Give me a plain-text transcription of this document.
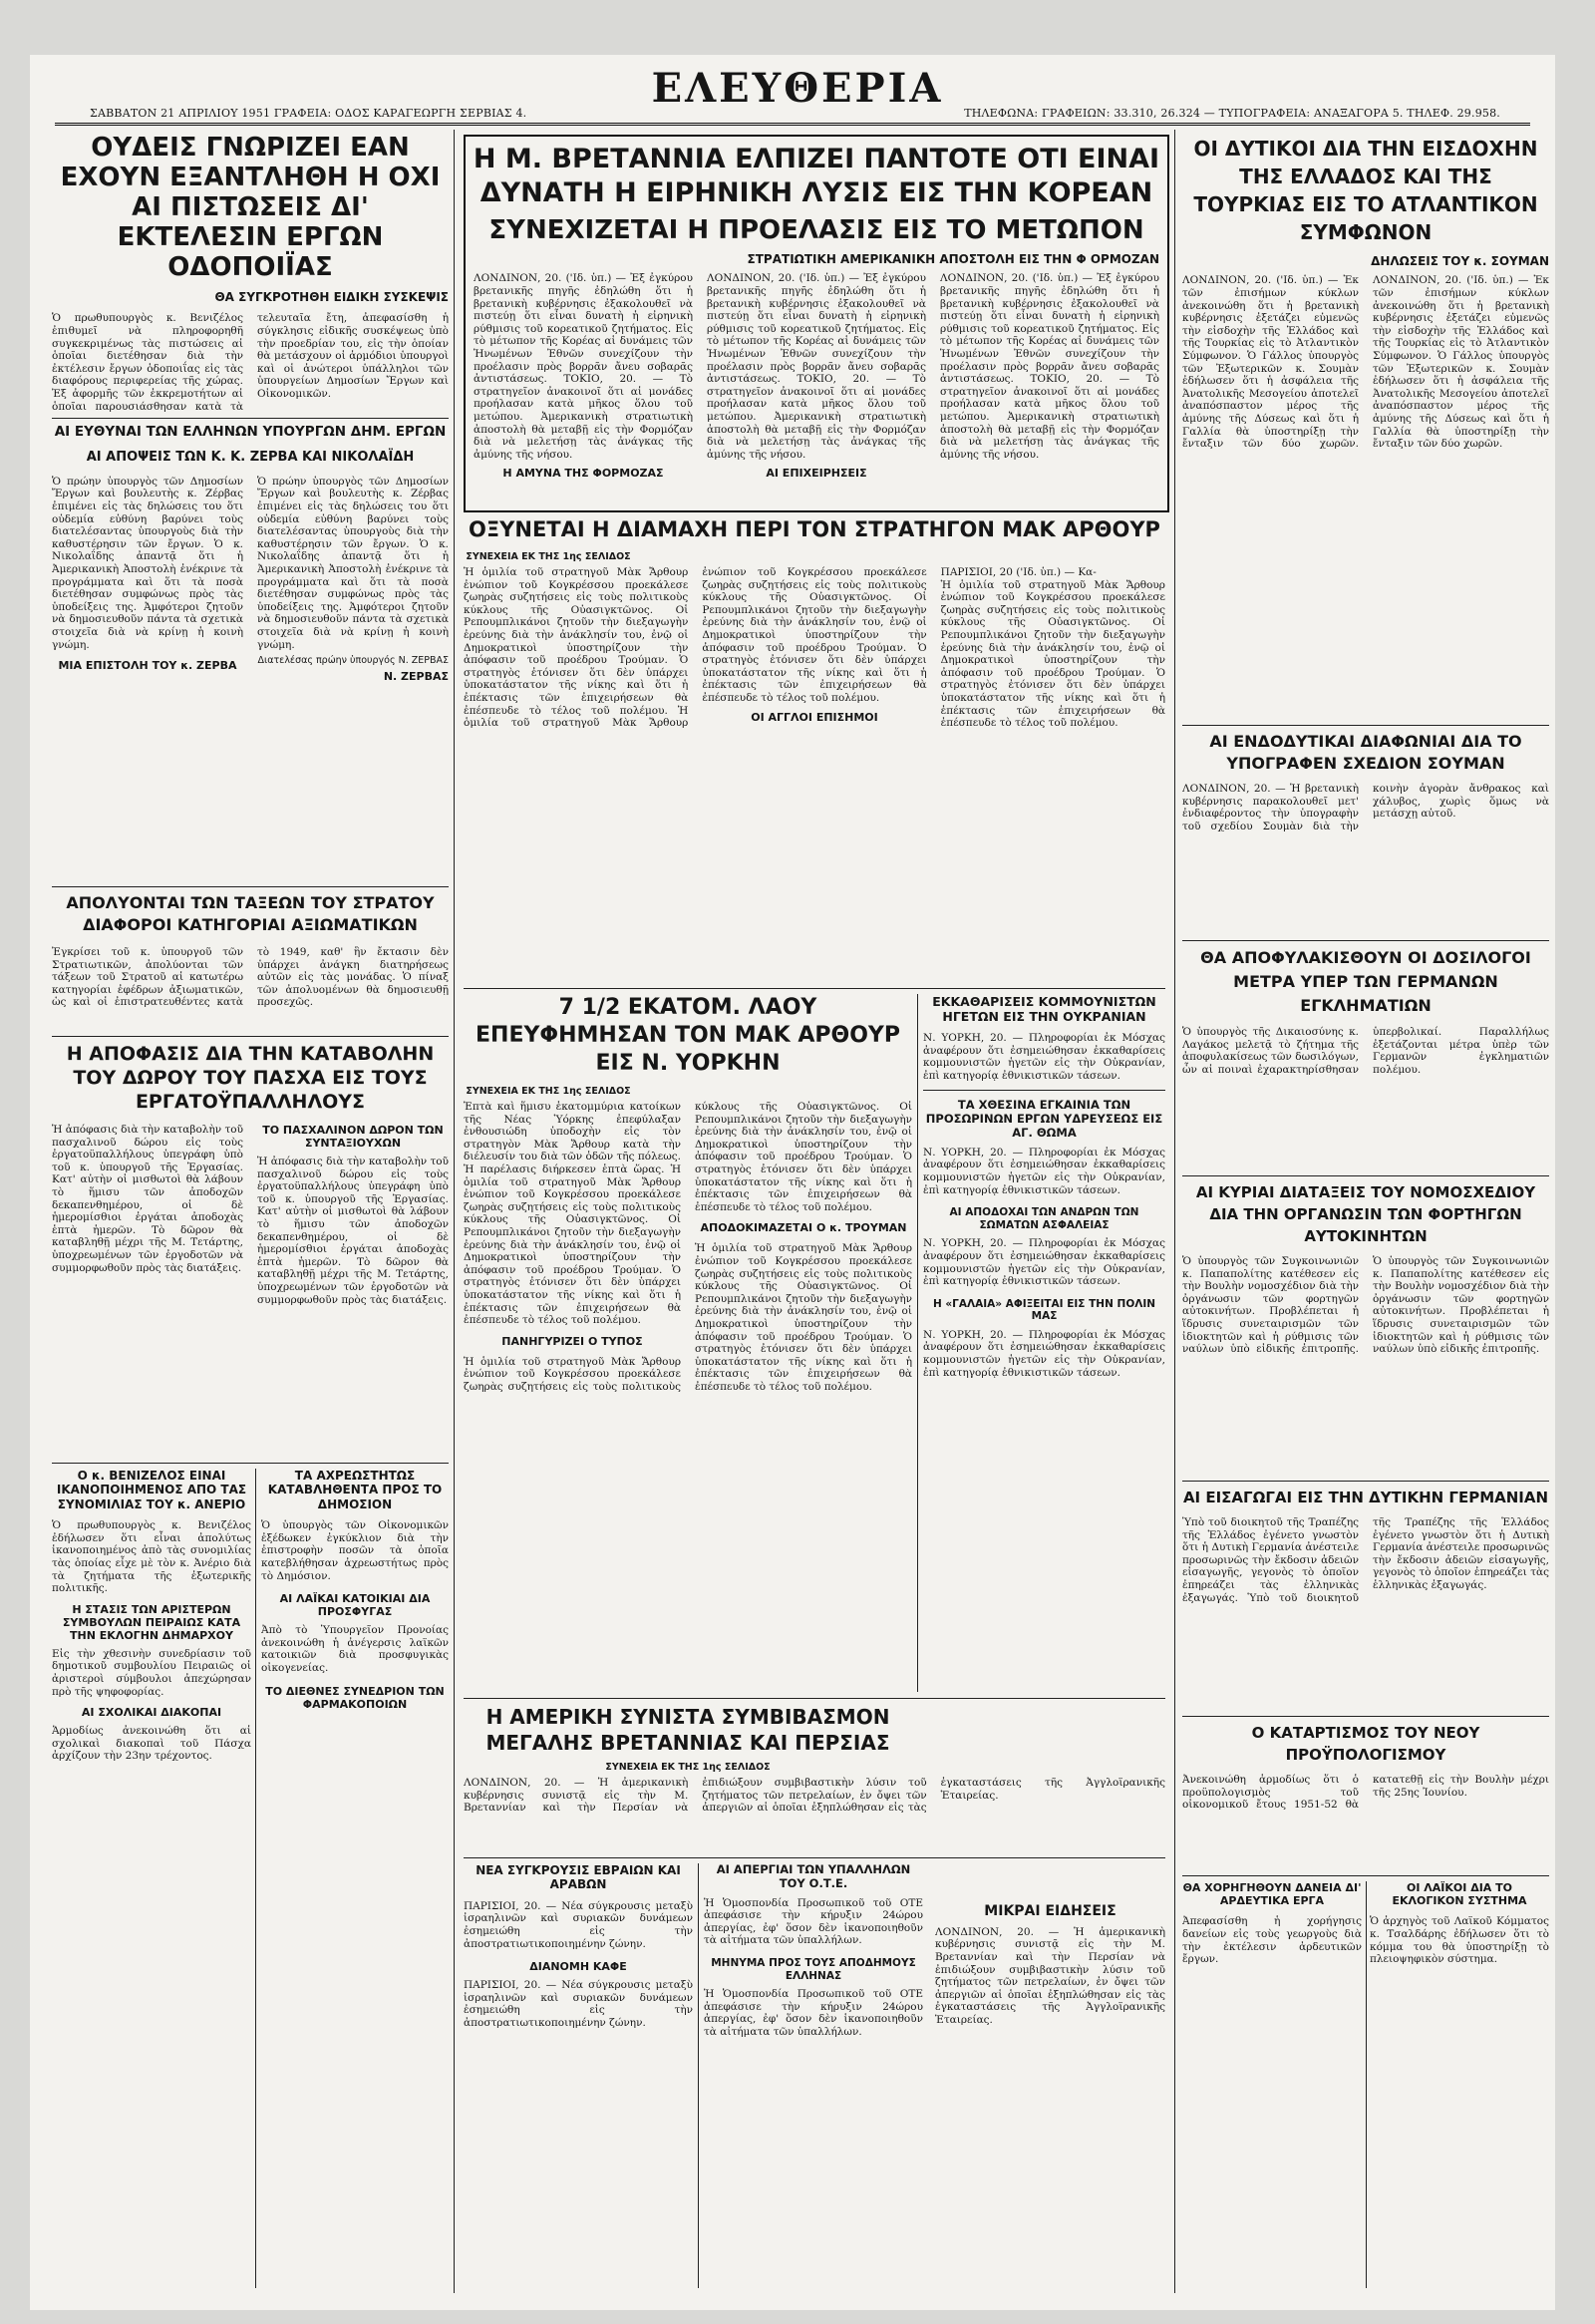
ΣΑΒΒΑΤΟΝ 21 ΑΠΡΙΛΙΟΥ 1951 ΓΡΑΦΕΙΑ: ΟΔΟΣ ΚΑΡΑΓΕΩΡΓΗ ΣΕΡΒΙΑΣ 4.
ΕΛΕΥΘΕΡΙΑ
ΤΗΛΕΦΩΝΑ: ΓΡΑΦΕΙΩΝ: 33.310, 26.324 — ΤΥΠΟΓΡΑΦΕΙΑ: ΑΝΑΞΑΓΟΡΑ 5. ΤΗΛΕΦ. 29.958.
ΟΥΔΕΙΣ ΓΝΩΡΙΖΕΙ ΕΑΝ ΕΧΟΥΝ ΕΞΑΝΤΛΗΘΗ Η ΟΧΙ ΑΙ ΠΙΣΤΩΣΕΙΣ ΔΙ' ΕΚΤΕΛΕΣΙΝ ΕΡΓΩΝ ΟΔΟΠΟΙΪΑΣ
ΘΑ ΣΥΓΚΡΟΤΗΘΗ ΕΙΔΙΚΗ ΣΥΣΚΕΨΙΣ
Ὁ πρωθυπουργὸς κ. Βενιζέλος ἐπιθυμεῖ νὰ πληροφορηθῆ συγκεκριμένως τὰς πιστώσεις αἱ ὁποῖαι διετέθησαν διὰ τὴν ἐκτέλεσιν ἔργων ὁδοποιΐας εἰς τὰς διαφόρους περιφερείας τῆς χώρας. Ἐξ ἀφορμῆς τῶν ἐκκρεμοτήτων αἱ ὁποῖαι παρουσιάσθησαν κατὰ τὰ τελευταῖα ἔτη, ἀπεφασίσθη ἡ σύγκλησις εἰδικῆς συσκέψεως ὑπὸ τὴν προεδρίαν του, εἰς τὴν ὁποίαν θὰ μετάσχουν οἱ ἁρμόδιοι ὑπουργοὶ καὶ οἱ ἀνώτεροι ὑπάλληλοι τῶν ὑπουργείων Δημοσίων Ἔργων καὶ Οἰκονομικῶν.
ΑΙ ΕΥΘΥΝΑΙ ΤΩΝ ΕΛΛΗΝΩΝ ΥΠΟΥΡΓΩΝ ΔΗΜ. ΕΡΓΩΝ
ΑΙ ΑΠΟΨΕΙΣ ΤΩΝ Κ. Κ. ΖΕΡΒΑ ΚΑΙ ΝΙΚΟΛΑΪΔΗ
Ὁ πρώην ὑπουργὸς τῶν Δημοσίων Ἔργων καὶ βουλευτὴς κ. Ζέρβας ἐπιμένει εἰς τὰς δηλώσεις του ὅτι οὐδεμία εὐθύνη βαρύνει τοὺς διατελέσαντας ὑπουργοὺς διὰ τὴν καθυστέρησιν τῶν ἔργων. Ὁ κ. Νικολαΐδης ἀπαντᾷ ὅτι ἡ Ἀμερικανικὴ Ἀποστολὴ ἐνέκρινε τὰ προγράμματα καὶ ὅτι τὰ ποσὰ διετέθησαν συμφώνως πρὸς τὰς ὑποδείξεις της. Ἀμφότεροι ζητοῦν νὰ δημοσιευθοῦν πάντα τὰ σχετικὰ στοιχεῖα διὰ νὰ κρίνῃ ἡ κοινὴ γνώμη.
ΜΙΑ ΕΠΙΣΤΟΛΗ ΤΟΥ κ. ΖΕΡΒΑ
Ὁ πρώην ὑπουργὸς τῶν Δημοσίων Ἔργων καὶ βουλευτὴς κ. Ζέρβας ἐπιμένει εἰς τὰς δηλώσεις του ὅτι οὐδεμία εὐθύνη βαρύνει τοὺς διατελέσαντας ὑπουργοὺς διὰ τὴν καθυστέρησιν τῶν ἔργων. Ὁ κ. Νικολαΐδης ἀπαντᾷ ὅτι ἡ Ἀμερικανικὴ Ἀποστολὴ ἐνέκρινε τὰ προγράμματα καὶ ὅτι τὰ ποσὰ διετέθησαν συμφώνως πρὸς τὰς ὑποδείξεις της. Ἀμφότεροι ζητοῦν νὰ δημοσιευθοῦν πάντα τὰ σχετικὰ στοιχεῖα διὰ νὰ κρίνῃ ἡ κοινὴ γνώμη.
Διατελέσας πρώην ὑπουργός Ν. ΖΕΡΒΑΣ
Ν. ΖΕΡΒΑΣ
ΑΠΟΛΥΟΝΤΑΙ ΤΩΝ ΤΑΞΕΩΝ ΤΟΥ ΣΤΡΑΤΟΥ ΔΙΑΦΟΡΟΙ ΚΑΤΗΓΟΡΙΑΙ ΑΞΙΩΜΑΤΙΚΩΝ
Ἐγκρίσει τοῦ κ. ὑπουργοῦ τῶν Στρατιωτικῶν, ἀπολύονται τῶν τάξεων τοῦ Στρατοῦ αἱ κατωτέρω κατηγορίαι ἐφέδρων ἀξιωματικῶν, ὡς καὶ οἱ ἐπιστρατευθέντες κατὰ τὸ 1949, καθ' ἣν ἔκτασιν δὲν ὑπάρχει ἀνάγκη διατηρήσεως αὐτῶν εἰς τὰς μονάδας. Ὁ πίναξ τῶν ἀπολυομένων θὰ δημοσιευθῇ προσεχῶς.
Η ΑΠΟΦΑΣΙΣ ΔΙΑ ΤΗΝ ΚΑΤΑΒΟΛΗΝ ΤΟΥ ΔΩΡΟΥ ΤΟΥ ΠΑΣΧΑ ΕΙΣ ΤΟΥΣ ΕΡΓΑΤΟΫΠΑΛΛΗΛΟΥΣ
Ἡ ἀπόφασις διὰ τὴν καταβολὴν τοῦ πασχαλινοῦ δώρου εἰς τοὺς ἐργατοϋπαλλήλους ὑπεγράφη ὑπὸ τοῦ κ. ὑπουργοῦ τῆς Ἐργασίας. Κατ' αὐτὴν οἱ μισθωτοὶ θὰ λάβουν τὸ ἥμισυ τῶν ἀποδοχῶν δεκαπενθημέρου, οἱ δὲ ἡμερομίσθιοι ἐργάται ἀποδοχὰς ἑπτὰ ἡμερῶν. Τὸ δῶρον θὰ καταβληθῇ μέχρι τῆς Μ. Τετάρτης, ὑποχρεωμένων τῶν ἐργοδοτῶν νὰ συμμορφωθοῦν πρὸς τὰς διατάξεις.
ΤΟ ΠΑΣΧΑΛΙΝΟΝ ΔΩΡΟΝ ΤΩΝ ΣΥΝΤΑΞΙΟΥΧΩΝ
Ἡ ἀπόφασις διὰ τὴν καταβολὴν τοῦ πασχαλινοῦ δώρου εἰς τοὺς ἐργατοϋπαλλήλους ὑπεγράφη ὑπὸ τοῦ κ. ὑπουργοῦ τῆς Ἐργασίας. Κατ' αὐτὴν οἱ μισθωτοὶ θὰ λάβουν τὸ ἥμισυ τῶν ἀποδοχῶν δεκαπενθημέρου, οἱ δὲ ἡμερομίσθιοι ἐργάται ἀποδοχὰς ἑπτὰ ἡμερῶν. Τὸ δῶρον θὰ καταβληθῇ μέχρι τῆς Μ. Τετάρτης, ὑποχρεωμένων τῶν ἐργοδοτῶν νὰ συμμορφωθοῦν πρὸς τὰς διατάξεις.
Ο κ. ΒΕΝΙΖΕΛΟΣ ΕΙΝΑΙ ΙΚΑΝΟΠΟΙΗΜΕΝΟΣ ΑΠΟ ΤΑΣ ΣΥΝΟΜΙΛΙΑΣ ΤΟΥ κ. ΑΝΕΡΙΟ
Ὁ πρωθυπουργὸς κ. Βενιζέλος ἐδήλωσεν ὅτι εἶναι ἀπολύτως ἱκανοποιημένος ἀπὸ τὰς συνομιλίας τὰς ὁποίας εἶχε μὲ τὸν κ. Ἀνέριο διὰ τὰ ζητήματα τῆς ἐξωτερικῆς πολιτικῆς.
Η ΣΤΑΣΙΣ ΤΩΝ ΑΡΙΣΤΕΡΩΝ ΣΥΜΒΟΥΛΩΝ ΠΕΙΡΑΙΩΣ ΚΑΤΑ ΤΗΝ ΕΚΛΟΓΗΝ ΔΗΜΑΡΧΟΥ
Εἰς τὴν χθεσινὴν συνεδρίασιν τοῦ δημοτικοῦ συμβουλίου Πειραιῶς οἱ ἀριστεροὶ σύμβουλοι ἀπεχώρησαν πρὸ τῆς ψηφοφορίας.
ΑΙ ΣΧΟΛΙΚΑΙ ΔΙΑΚΟΠΑΙ
Ἁρμοδίως ἀνεκοινώθη ὅτι αἱ σχολικαὶ διακοπαὶ τοῦ Πάσχα ἀρχίζουν τὴν 23ην τρέχοντος.
ΤΑ ΑΧΡΕΩΣΤΗΤΩΣ ΚΑΤΑΒΛΗΘΕΝΤΑ ΠΡΟΣ ΤΟ ΔΗΜΟΣΙΟΝ
Ὁ ὑπουργὸς τῶν Οἰκονομικῶν ἐξέδωκεν ἐγκύκλιον διὰ τὴν ἐπιστροφὴν ποσῶν τὰ ὁποῖα κατεβλήθησαν ἀχρεωστήτως πρὸς τὸ Δημόσιον.
ΑΙ ΛΑΪΚΑΙ ΚΑΤΟΙΚΙΑΙ ΔΙΑ ΠΡΟΣΦΥΓΑΣ
Ἀπὸ τὸ Ὑπουργεῖον Προνοίας ἀνεκοινώθη ἡ ἀνέγερσις λαϊκῶν κατοικιῶν διὰ προσφυγικὰς οἰκογενείας.
ΤΟ ΔΙΕΘΝΕΣ ΣΥΝΕΔΡΙΟΝ ΤΩΝ ΦΑΡΜΑΚΟΠΟΙΩΝ
Η Μ. ΒΡΕΤΑΝΝΙΑ ΕΛΠΙΖΕΙ ΠΑΝΤΟΤΕ ΟΤΙ ΕΙΝΑΙ ΔΥΝΑΤΗ Η ΕΙΡΗΝΙΚΗ ΛΥΣΙΣ ΕΙΣ ΤΗΝ ΚΟΡΕΑΝ
ΣΥΝΕΧΙΖΕΤΑΙ Η ΠΡΟΕΛΑΣΙΣ ΕΙΣ ΤΟ ΜΕΤΩΠΟΝ
ΣΤΡΑΤΙΩΤΙΚΗ ΑΜΕΡΙΚΑΝΙΚΗ ΑΠΟΣΤΟΛΗ ΕΙΣ ΤΗΝ Φ ΟΡΜΟΖΑΝ
ΛΟΝΔΙΝΟΝ, 20. ('Ιδ. ὑπ.) — Ἐξ ἐγκύρου βρετανικῆς πηγῆς ἐδηλώθη ὅτι ἡ βρετανικὴ κυβέρνησις ἐξακολουθεῖ νὰ πιστεύῃ ὅτι εἶναι δυνατὴ ἡ εἰρηνικὴ ρύθμισις τοῦ κορεατικοῦ ζητήματος. Εἰς τὸ μέτωπον τῆς Κορέας αἱ δυνάμεις τῶν Ἡνωμένων Ἐθνῶν συνεχίζουν τὴν προέλασιν πρὸς βορρᾶν ἄνευ σοβαρᾶς ἀντιστάσεως. ΤΟΚΙΟ, 20. — Τὸ στρατηγεῖον ἀνακοινοῖ ὅτι αἱ μονάδες προήλασαν κατὰ μῆκος ὅλου τοῦ μετώπου. Ἀμερικανικὴ στρατιωτικὴ ἀποστολὴ θὰ μεταβῇ εἰς τὴν Φορμόζαν διὰ νὰ μελετήσῃ τὰς ἀνάγκας τῆς ἀμύνης τῆς νήσου.
Η ΑΜΥΝΑ ΤΗΣ ΦΟΡΜΟΖΑΣ
ΛΟΝΔΙΝΟΝ, 20. ('Ιδ. ὑπ.) — Ἐξ ἐγκύρου βρετανικῆς πηγῆς ἐδηλώθη ὅτι ἡ βρετανικὴ κυβέρνησις ἐξακολουθεῖ νὰ πιστεύῃ ὅτι εἶναι δυνατὴ ἡ εἰρηνικὴ ρύθμισις τοῦ κορεατικοῦ ζητήματος. Εἰς τὸ μέτωπον τῆς Κορέας αἱ δυνάμεις τῶν Ἡνωμένων Ἐθνῶν συνεχίζουν τὴν προέλασιν πρὸς βορρᾶν ἄνευ σοβαρᾶς ἀντιστάσεως. ΤΟΚΙΟ, 20. — Τὸ στρατηγεῖον ἀνακοινοῖ ὅτι αἱ μονάδες προήλασαν κατὰ μῆκος ὅλου τοῦ μετώπου. Ἀμερικανικὴ στρατιωτικὴ ἀποστολὴ θὰ μεταβῇ εἰς τὴν Φορμόζαν διὰ νὰ μελετήσῃ τὰς ἀνάγκας τῆς ἀμύνης τῆς νήσου.
ΑΙ ΕΠΙΧΕΙΡΗΣΕΙΣ
ΛΟΝΔΙΝΟΝ, 20. ('Ιδ. ὑπ.) — Ἐξ ἐγκύρου βρετανικῆς πηγῆς ἐδηλώθη ὅτι ἡ βρετανικὴ κυβέρνησις ἐξακολουθεῖ νὰ πιστεύῃ ὅτι εἶναι δυνατὴ ἡ εἰρηνικὴ ρύθμισις τοῦ κορεατικοῦ ζητήματος. Εἰς τὸ μέτωπον τῆς Κορέας αἱ δυνάμεις τῶν Ἡνωμένων Ἐθνῶν συνεχίζουν τὴν προέλασιν πρὸς βορρᾶν ἄνευ σοβαρᾶς ἀντιστάσεως. ΤΟΚΙΟ, 20. — Τὸ στρατηγεῖον ἀνακοινοῖ ὅτι αἱ μονάδες προήλασαν κατὰ μῆκος ὅλου τοῦ μετώπου. Ἀμερικανικὴ στρατιωτικὴ ἀποστολὴ θὰ μεταβῇ εἰς τὴν Φορμόζαν διὰ νὰ μελετήσῃ τὰς ἀνάγκας τῆς ἀμύνης τῆς νήσου.
ΟΞΥΝΕΤΑΙ Η ΔΙΑΜΑΧΗ ΠΕΡΙ ΤΟΝ ΣΤΡΑΤΗΓΟΝ ΜΑΚ ΑΡΘΟΥΡ
ΣΥΝΕΧΕΙΑ ΕΚ ΤΗΣ 1ης ΣΕΛΙΔΟΣ
Ἡ ὁμιλία τοῦ στρατηγοῦ Μὰκ Ἄρθουρ ἐνώπιον τοῦ Κογκρέσσου προεκάλεσε ζωηρὰς συζητήσεις εἰς τοὺς πολιτικοὺς κύκλους τῆς Οὐασιγκτῶνος. Οἱ Ρεπουμπλικάνοι ζητοῦν τὴν διεξαγωγὴν ἐρεύνης διὰ τὴν ἀνάκλησίν του, ἐνῷ οἱ Δημοκρατικοὶ ὑποστηρίζουν τὴν ἀπόφασιν τοῦ προέδρου Τρούμαν. Ὁ στρατηγὸς ἐτόνισεν ὅτι δὲν ὑπάρχει ὑποκατάστατον τῆς νίκης καὶ ὅτι ἡ ἐπέκτασις τῶν ἐπιχειρήσεων θὰ ἐπέσπευδε τὸ τέλος τοῦ πολέμου. Ἡ ὁμιλία τοῦ στρατηγοῦ Μὰκ Ἄρθουρ ἐνώπιον τοῦ Κογκρέσσου προεκάλεσε ζωηρὰς συζητήσεις εἰς τοὺς πολιτικοὺς κύκλους τῆς Οὐασιγκτῶνος. Οἱ Ρεπουμπλικάνοι ζητοῦν τὴν διεξαγωγὴν ἐρεύνης διὰ τὴν ἀνάκλησίν του, ἐνῷ οἱ Δημοκρατικοὶ ὑποστηρίζουν τὴν ἀπόφασιν τοῦ προέδρου Τρούμαν. Ὁ στρατηγὸς ἐτόνισεν ὅτι δὲν ὑπάρχει ὑποκατάστατον τῆς νίκης καὶ ὅτι ἡ ἐπέκτασις τῶν ἐπιχειρήσεων θὰ ἐπέσπευδε τὸ τέλος τοῦ πολέμου.
ΟΙ ΑΓΓΛΟΙ ΕΠΙΣΗΜΟΙ
ΠΑΡΙΣΙΟΙ, 20 ('Ιδ. ὑπ.) — Κα-
Ἡ ὁμιλία τοῦ στρατηγοῦ Μὰκ Ἄρθουρ ἐνώπιον τοῦ Κογκρέσσου προεκάλεσε ζωηρὰς συζητήσεις εἰς τοὺς πολιτικοὺς κύκλους τῆς Οὐασιγκτῶνος. Οἱ Ρεπουμπλικάνοι ζητοῦν τὴν διεξαγωγὴν ἐρεύνης διὰ τὴν ἀνάκλησίν του, ἐνῷ οἱ Δημοκρατικοὶ ὑποστηρίζουν τὴν ἀπόφασιν τοῦ προέδρου Τρούμαν. Ὁ στρατηγὸς ἐτόνισεν ὅτι δὲν ὑπάρχει ὑποκατάστατον τῆς νίκης καὶ ὅτι ἡ ἐπέκτασις τῶν ἐπιχειρήσεων θὰ ἐπέσπευδε τὸ τέλος τοῦ πολέμου.
7 1/2 ΕΚΑΤΟΜ. ΛΑΟΥ ΕΠΕΥΦΗΜΗΣΑΝ ΤΟΝ ΜΑΚ ΑΡΘΟΥΡ ΕΙΣ Ν. ΥΟΡΚΗΝ
ΣΥΝΕΧΕΙΑ ΕΚ ΤΗΣ 1ης ΣΕΛΙΔΟΣ
Ἑπτὰ καὶ ἥμισυ ἑκατομμύρια κατοίκων τῆς Νέας Ὑόρκης ἐπεφύλαξαν ἐνθουσιώδη ὑποδοχὴν εἰς τὸν στρατηγὸν Μὰκ Ἄρθουρ κατὰ τὴν διέλευσίν του διὰ τῶν ὁδῶν τῆς πόλεως. Ἡ παρέλασις διήρκεσεν ἑπτὰ ὥρας. Ἡ ὁμιλία τοῦ στρατηγοῦ Μὰκ Ἄρθουρ ἐνώπιον τοῦ Κογκρέσσου προεκάλεσε ζωηρὰς συζητήσεις εἰς τοὺς πολιτικοὺς κύκλους τῆς Οὐασιγκτῶνος. Οἱ Ρεπουμπλικάνοι ζητοῦν τὴν διεξαγωγὴν ἐρεύνης διὰ τὴν ἀνάκλησίν του, ἐνῷ οἱ Δημοκρατικοὶ ὑποστηρίζουν τὴν ἀπόφασιν τοῦ προέδρου Τρούμαν. Ὁ στρατηγὸς ἐτόνισεν ὅτι δὲν ὑπάρχει ὑποκατάστατον τῆς νίκης καὶ ὅτι ἡ ἐπέκτασις τῶν ἐπιχειρήσεων θὰ ἐπέσπευδε τὸ τέλος τοῦ πολέμου.
ΠΑΝΗΓΥΡΙΖΕΙ Ο ΤΥΠΟΣ
Ἡ ὁμιλία τοῦ στρατηγοῦ Μὰκ Ἄρθουρ ἐνώπιον τοῦ Κογκρέσσου προεκάλεσε ζωηρὰς συζητήσεις εἰς τοὺς πολιτικοὺς κύκλους τῆς Οὐασιγκτῶνος. Οἱ Ρεπουμπλικάνοι ζητοῦν τὴν διεξαγωγὴν ἐρεύνης διὰ τὴν ἀνάκλησίν του, ἐνῷ οἱ Δημοκρατικοὶ ὑποστηρίζουν τὴν ἀπόφασιν τοῦ προέδρου Τρούμαν. Ὁ στρατηγὸς ἐτόνισεν ὅτι δὲν ὑπάρχει ὑποκατάστατον τῆς νίκης καὶ ὅτι ἡ ἐπέκτασις τῶν ἐπιχειρήσεων θὰ ἐπέσπευδε τὸ τέλος τοῦ πολέμου.
ΑΠΟΔΟΚΙΜΑΖΕΤΑΙ Ο κ. ΤΡΟΥΜΑΝ
Ἡ ὁμιλία τοῦ στρατηγοῦ Μὰκ Ἄρθουρ ἐνώπιον τοῦ Κογκρέσσου προεκάλεσε ζωηρὰς συζητήσεις εἰς τοὺς πολιτικοὺς κύκλους τῆς Οὐασιγκτῶνος. Οἱ Ρεπουμπλικάνοι ζητοῦν τὴν διεξαγωγὴν ἐρεύνης διὰ τὴν ἀνάκλησίν του, ἐνῷ οἱ Δημοκρατικοὶ ὑποστηρίζουν τὴν ἀπόφασιν τοῦ προέδρου Τρούμαν. Ὁ στρατηγὸς ἐτόνισεν ὅτι δὲν ὑπάρχει ὑποκατάστατον τῆς νίκης καὶ ὅτι ἡ ἐπέκτασις τῶν ἐπιχειρήσεων θὰ ἐπέσπευδε τὸ τέλος τοῦ πολέμου.
ΕΚΚΑΘΑΡΙΣΕΙΣ ΚΟΜΜΟΥΝΙΣΤΩΝ ΗΓΕΤΩΝ ΕΙΣ ΤΗΝ ΟΥΚΡΑΝΙΑΝ
Ν. ΥΟΡΚΗ, 20. — Πληροφορίαι ἐκ Μόσχας ἀναφέρουν ὅτι ἐσημειώθησαν ἐκκαθαρίσεις κομμουνιστῶν ἡγετῶν εἰς τὴν Οὐκρανίαν, ἐπὶ κατηγορίᾳ ἐθνικιστικῶν τάσεων.
ΤΑ ΧΘΕΣΙΝΑ ΕΓΚΑΙΝΙΑ ΤΩΝ ΠΡΟΣΩΡΙΝΩΝ ΕΡΓΩΝ ΥΔΡΕΥΣΕΩΣ ΕΙΣ ΑΓ. ΘΩΜΑ
Ν. ΥΟΡΚΗ, 20. — Πληροφορίαι ἐκ Μόσχας ἀναφέρουν ὅτι ἐσημειώθησαν ἐκκαθαρίσεις κομμουνιστῶν ἡγετῶν εἰς τὴν Οὐκρανίαν, ἐπὶ κατηγορίᾳ ἐθνικιστικῶν τάσεων.
ΑΙ ΑΠΟΔΟΧΑΙ ΤΩΝ ΑΝΔΡΩΝ ΤΩΝ ΣΩΜΑΤΩΝ ΑΣΦΑΛΕΙΑΣ
Ν. ΥΟΡΚΗ, 20. — Πληροφορίαι ἐκ Μόσχας ἀναφέρουν ὅτι ἐσημειώθησαν ἐκκαθαρίσεις κομμουνιστῶν ἡγετῶν εἰς τὴν Οὐκρανίαν, ἐπὶ κατηγορίᾳ ἐθνικιστικῶν τάσεων.
Η «ΓΑΛΑΙΑ» ΑΦΙΞΕΙΤΑΙ ΕΙΣ ΤΗΝ ΠΟΛΙΝ ΜΑΣ
Ν. ΥΟΡΚΗ, 20. — Πληροφορίαι ἐκ Μόσχας ἀναφέρουν ὅτι ἐσημειώθησαν ἐκκαθαρίσεις κομμουνιστῶν ἡγετῶν εἰς τὴν Οὐκρανίαν, ἐπὶ κατηγορίᾳ ἐθνικιστικῶν τάσεων.
Η ΑΜΕΡΙΚΗ ΣΥΝΙΣΤΑ ΣΥΜΒΙΒΑΣΜΟΝ ΜΕΓΑΛΗΣ ΒΡΕΤΑΝΝΙΑΣ ΚΑΙ ΠΕΡΣΙΑΣ
ΣΥΝΕΧΕΙΑ ΕΚ ΤΗΣ 1ης ΣΕΛΙΔΟΣ
ΛΟΝΔΙΝΟΝ, 20. — Ἡ ἀμερικανικὴ κυβέρνησις συνιστᾷ εἰς τὴν Μ. Βρεταννίαν καὶ τὴν Περσίαν νὰ ἐπιδιώξουν συμβιβαστικὴν λύσιν τοῦ ζητήματος τῶν πετρελαίων, ἐν ὄψει τῶν ἀπεργιῶν αἱ ὁποῖαι ἐξηπλώθησαν εἰς τὰς ἐγκαταστάσεις τῆς Ἀγγλοϊρανικῆς Ἑταιρείας.
ΝΕΑ ΣΥΓΚΡΟΥΣΙΣ ΕΒΡΑΙΩΝ ΚΑΙ ΑΡΑΒΩΝ
ΠΑΡΙΣΙΟΙ, 20. — Νέα σύγκρουσις μεταξὺ ἰσραηλινῶν καὶ συριακῶν δυνάμεων ἐσημειώθη εἰς τὴν ἀποστρατιωτικοποιημένην ζώνην.
ΔΙΑΝΟΜΗ ΚΑΦΕ
ΠΑΡΙΣΙΟΙ, 20. — Νέα σύγκρουσις μεταξὺ ἰσραηλινῶν καὶ συριακῶν δυνάμεων ἐσημειώθη εἰς τὴν ἀποστρατιωτικοποιημένην ζώνην.
ΑΙ ΑΠΕΡΓΙΑΙ ΤΩΝ ΥΠΑΛΛΗΛΩΝ ΤΟΥ Ο.Τ.Ε.
Ἡ Ὁμοσπονδία Προσωπικοῦ τοῦ ΟΤΕ ἀπεφάσισε τὴν κήρυξιν 24ώρου ἀπεργίας, ἐφ' ὅσον δὲν ἱκανοποιηθοῦν τὰ αἰτήματα τῶν ὑπαλλήλων.
ΜΗΝΥΜΑ ΠΡΟΣ ΤΟΥΣ ΑΠΟΔΗΜΟΥΣ ΕΛΛΗΝΑΣ
Ἡ Ὁμοσπονδία Προσωπικοῦ τοῦ ΟΤΕ ἀπεφάσισε τὴν κήρυξιν 24ώρου ἀπεργίας, ἐφ' ὅσον δὲν ἱκανοποιηθοῦν τὰ αἰτήματα τῶν ὑπαλλήλων.
ΜΙΚΡΑΙ ΕΙΔΗΣΕΙΣ
ΛΟΝΔΙΝΟΝ, 20. — Ἡ ἀμερικανικὴ κυβέρνησις συνιστᾷ εἰς τὴν Μ. Βρεταννίαν καὶ τὴν Περσίαν νὰ ἐπιδιώξουν συμβιβαστικὴν λύσιν τοῦ ζητήματος τῶν πετρελαίων, ἐν ὄψει τῶν ἀπεργιῶν αἱ ὁποῖαι ἐξηπλώθησαν εἰς τὰς ἐγκαταστάσεις τῆς Ἀγγλοϊρανικῆς Ἑταιρείας.
ΟΙ ΔΥΤΙΚΟΙ ΔΙΑ ΤΗΝ ΕΙΣΔΟΧΗΝ ΤΗΣ ΕΛΛΑΔΟΣ ΚΑΙ ΤΗΣ ΤΟΥΡΚΙΑΣ ΕΙΣ ΤΟ ΑΤΛΑΝΤΙΚΟΝ ΣΥΜΦΩΝΟΝ
ΔΗΛΩΣΕΙΣ ΤΟΥ κ. ΣΟΥΜΑΝ
ΛΟΝΔΙΝΟΝ, 20. ('Ιδ. ὑπ.) — Ἐκ τῶν ἐπισήμων κύκλων ἀνεκοινώθη ὅτι ἡ βρετανικὴ κυβέρνησις ἐξετάζει εὐμενῶς τὴν εἰσδοχὴν τῆς Ἑλλάδος καὶ τῆς Τουρκίας εἰς τὸ Ἀτλαντικὸν Σύμφωνον. Ὁ Γάλλος ὑπουργὸς τῶν Ἐξωτερικῶν κ. Σουμὰν ἐδήλωσεν ὅτι ἡ ἀσφάλεια τῆς Ἀνατολικῆς Μεσογείου ἀποτελεῖ ἀναπόσπαστον μέρος τῆς ἀμύνης τῆς Δύσεως καὶ ὅτι ἡ Γαλλία θὰ ὑποστηρίξῃ τὴν ἔνταξιν τῶν δύο χωρῶν. ΛΟΝΔΙΝΟΝ, 20. ('Ιδ. ὑπ.) — Ἐκ τῶν ἐπισήμων κύκλων ἀνεκοινώθη ὅτι ἡ βρετανικὴ κυβέρνησις ἐξετάζει εὐμενῶς τὴν εἰσδοχὴν τῆς Ἑλλάδος καὶ τῆς Τουρκίας εἰς τὸ Ἀτλαντικὸν Σύμφωνον. Ὁ Γάλλος ὑπουργὸς τῶν Ἐξωτερικῶν κ. Σουμὰν ἐδήλωσεν ὅτι ἡ ἀσφάλεια τῆς Ἀνατολικῆς Μεσογείου ἀποτελεῖ ἀναπόσπαστον μέρος τῆς ἀμύνης τῆς Δύσεως καὶ ὅτι ἡ Γαλλία θὰ ὑποστηρίξῃ τὴν ἔνταξιν τῶν δύο χωρῶν.
ΑΙ ΕΝΔΟΔΥΤΙΚΑΙ ΔΙΑΦΩΝΙΑΙ ΔΙΑ ΤΟ ΥΠΟΓΡΑΦΕΝ ΣΧΕΔΙΟΝ ΣΟΥΜΑΝ
ΛΟΝΔΙΝΟΝ, 20. — Ἡ βρετανικὴ κυβέρνησις παρακολουθεῖ μετ' ἐνδιαφέροντος τὴν ὑπογραφὴν τοῦ σχεδίου Σουμὰν διὰ τὴν κοινὴν ἀγορὰν ἄνθρακος καὶ χάλυβος, χωρὶς ὅμως νὰ μετάσχῃ αὐτοῦ.
ΘΑ ΑΠΟΦΥΛΑΚΙΣΘΟΥΝ ΟΙ ΔΟΣΙΛΟΓΟΙ ΜΕΤΡΑ ΥΠΕΡ ΤΩΝ ΓΕΡΜΑΝΩΝ ΕΓΚΛΗΜΑΤΙΩΝ
Ὁ ὑπουργὸς τῆς Δικαιοσύνης κ. Λαγάκος μελετᾷ τὸ ζήτημα τῆς ἀποφυλακίσεως τῶν δωσιλόγων, ὧν αἱ ποιναὶ ἐχαρακτηρίσθησαν ὑπερβολικαί. Παραλλήλως ἐξετάζονται μέτρα ὑπὲρ τῶν Γερμανῶν ἐγκληματιῶν πολέμου.
ΑΙ ΚΥΡΙΑΙ ΔΙΑΤΑΞΕΙΣ ΤΟΥ ΝΟΜΟΣΧΕΔΙΟΥ ΔΙΑ ΤΗΝ ΟΡΓΑΝΩΣΙΝ ΤΩΝ ΦΟΡΤΗΓΩΝ ΑΥΤΟΚΙΝΗΤΩΝ
Ὁ ὑπουργὸς τῶν Συγκοινωνιῶν κ. Παπαπολίτης κατέθεσεν εἰς τὴν Βουλὴν νομοσχέδιον διὰ τὴν ὀργάνωσιν τῶν φορτηγῶν αὐτοκινήτων. Προβλέπεται ἡ ἵδρυσις συνεταιρισμῶν τῶν ἰδιοκτητῶν καὶ ἡ ρύθμισις τῶν ναύλων ὑπὸ εἰδικῆς ἐπιτροπῆς. Ὁ ὑπουργὸς τῶν Συγκοινωνιῶν κ. Παπαπολίτης κατέθεσεν εἰς τὴν Βουλὴν νομοσχέδιον διὰ τὴν ὀργάνωσιν τῶν φορτηγῶν αὐτοκινήτων. Προβλέπεται ἡ ἵδρυσις συνεταιρισμῶν τῶν ἰδιοκτητῶν καὶ ἡ ρύθμισις τῶν ναύλων ὑπὸ εἰδικῆς ἐπιτροπῆς.
ΑΙ ΕΙΣΑΓΩΓΑΙ ΕΙΣ ΤΗΝ ΔΥΤΙΚΗΝ ΓΕΡΜΑΝΙΑΝ
Ὑπὸ τοῦ διοικητοῦ τῆς Τραπέζης τῆς Ἑλλάδος ἐγένετο γνωστὸν ὅτι ἡ Δυτικὴ Γερμανία ἀνέστειλε προσωρινῶς τὴν ἔκδοσιν ἀδειῶν εἰσαγωγῆς, γεγονὸς τὸ ὁποῖον ἐπηρεάζει τὰς ἑλληνικὰς ἐξαγωγάς. Ὑπὸ τοῦ διοικητοῦ τῆς Τραπέζης τῆς Ἑλλάδος ἐγένετο γνωστὸν ὅτι ἡ Δυτικὴ Γερμανία ἀνέστειλε προσωρινῶς τὴν ἔκδοσιν ἀδειῶν εἰσαγωγῆς, γεγονὸς τὸ ὁποῖον ἐπηρεάζει τὰς ἑλληνικὰς ἐξαγωγάς.
Ο ΚΑΤΑΡΤΙΣΜΟΣ ΤΟΥ ΝΕΟΥ ΠΡΟΫΠΟΛΟΓΙΣΜΟΥ
Ἀνεκοινώθη ἁρμοδίως ὅτι ὁ προϋπολογισμὸς τοῦ οἰκονομικοῦ ἔτους 1951-52 θὰ κατατεθῇ εἰς τὴν Βουλὴν μέχρι τῆς 25ης Ἰουνίου.
ΘΑ ΧΟΡΗΓΗΘΟΥΝ ΔΑΝΕΙΑ ΔΙ' ΑΡΔΕΥΤΙΚΑ ΕΡΓΑ
Ἀπεφασίσθη ἡ χορήγησις δανείων εἰς τοὺς γεωργοὺς διὰ τὴν ἐκτέλεσιν ἀρδευτικῶν ἔργων.
ΟΙ ΛΑΪΚΟΙ ΔΙΑ ΤΟ ΕΚΛΟΓΙΚΟΝ ΣΥΣΤΗΜΑ
Ὁ ἀρχηγὸς τοῦ Λαϊκοῦ Κόμματος κ. Τσαλδάρης ἐδήλωσεν ὅτι τὸ κόμμα του θὰ ὑποστηρίξῃ τὸ πλειοψηφικὸν σύστημα.
